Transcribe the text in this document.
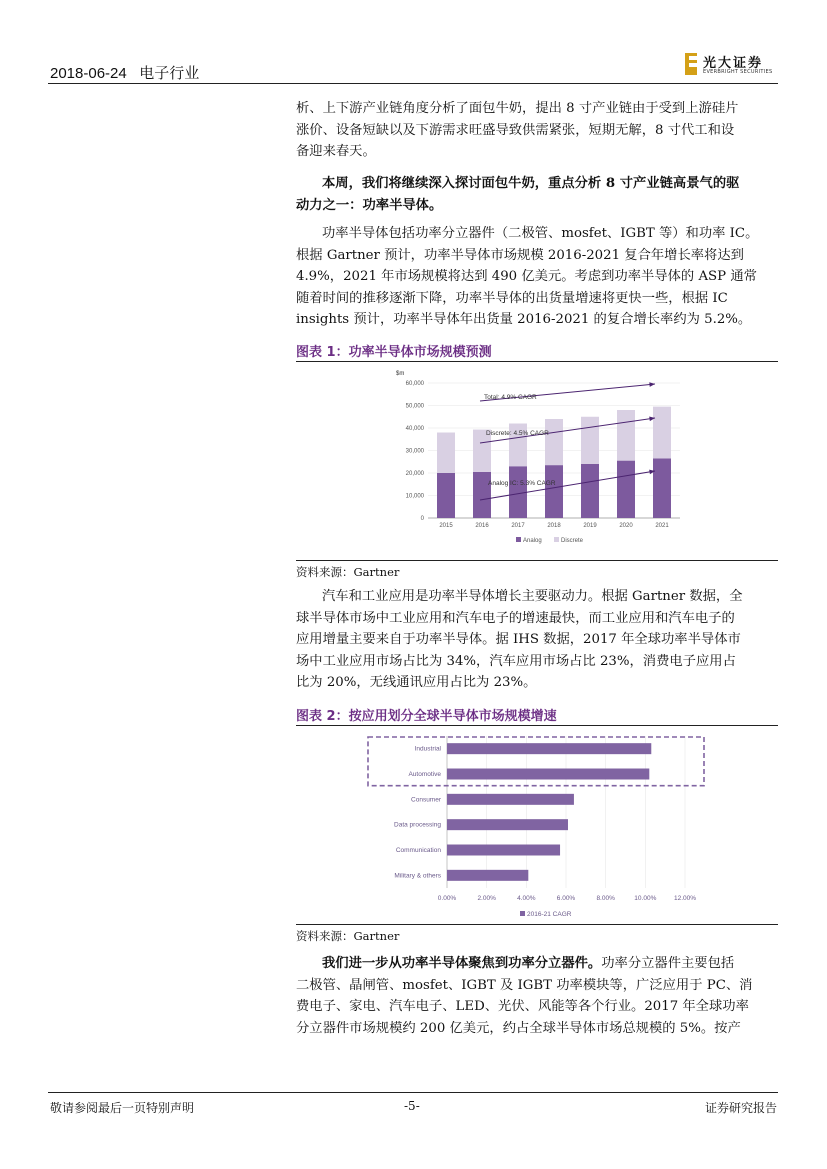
2018-06-24 电子行业
光大证券
EVERBRIGHT SECURITIES
析、上下游产业链角度分析了面包牛奶，提出 8 寸产业链由于受到上游硅片
涨价、设备短缺以及下游需求旺盛导致供需紧张，短期无解，8 寸代工和设
备迎来春天。
本周，我们将继续深入探讨面包牛奶，重点分析 8 寸产业链高景气的驱
动力之一：功率半导体。
功率半导体包括功率分立器件（二极管、mosfet、IGBT 等）和功率 IC。
根据 Gartner 预计，功率半导体市场规模 2016-2021 复合年增长率将达到
4.9%，2021 年市场规模将达到 490 亿美元。考虑到功率半导体的 ASP 通常
随着时间的推移逐渐下降，功率半导体的出货量增速将更快一些，根据 IC
insights 预计，功率半导体年出货量 2016-2021 的复合增长率约为 5.2%。
图表 1：功率半导体市场规模预测
$m
0
10,000
20,000
30,000
40,000
50,000
60,000
2015	2016	2017	2018	2019	2020	2021
Total: 4.9% CAGR
Discrete: 4.5% CAGR
Analog IC: 5.3% CAGR
Analog	Discrete
资料来源：Gartner
汽车和工业应用是功率半导体增长主要驱动力。根据 Gartner 数据，全
球半导体市场中工业应用和汽车电子的增速最快，而工业应用和汽车电子的
应用增量主要来自于功率半导体。据 IHS 数据，2017 年全球功率半导体市
场中工业应用市场占比为 34%，汽车应用市场占比 23%，消费电子应用占
比为 20%，无线通讯应用占比为 23%。
图表 2：按应用划分全球半导体市场规模增速
0.00%	2.00%	4.00%	6.00%	8.00%	10.00%	12.00%
Industrial
Automotive
Consumer
Data processing
Communication
Military & others
2016-21 CAGR
资料来源：Gartner
我们进一步从功率半导体聚焦到功率分立器件。功率分立器件主要包括
二极管、晶闸管、mosfet、IGBT 及 IGBT 功率模块等，广泛应用于 PC、消
费电子、家电、汽车电子、LED、光伏、风能等各个行业。2017 年全球功率
分立器件市场规模约 200 亿美元，约占全球半导体市场总规模的 5%。按产
敬请参阅最后一页特别声明	-5-	证券研究报告
